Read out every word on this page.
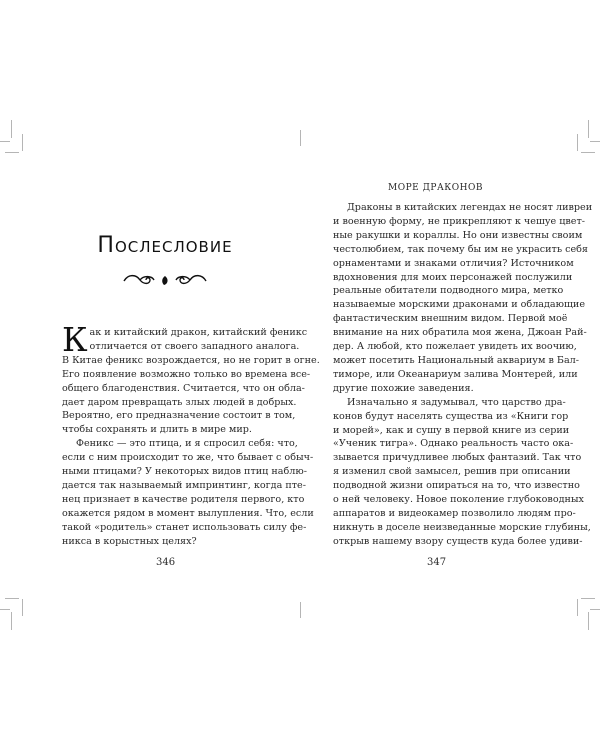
Послесловие

К ак и китайский дракон, китайский феникс
отличается от своего западного аналога.
В Китае феникс возрождается, но не горит в огне.
Его появление возможно только во времена все-
общего благоденствия. Считается, что он обла-
дает даром превращать злых людей в добрых.
Вероятно, его предназначение состоит в том,
чтобы сохранять и длить в мире мир.

Феникс — это птица, и я спросил себя: что,
если с ним происходит то же, что бывает с обыч-
ными птицами? У некоторых видов птиц наблю-
дается так называемый импринтинг, когда пте-
нец признает в качестве родителя первого, кто
окажется рядом в момент вылупления. Что, если
такой «родитель» станет использовать силу фе-
никса в корыстных целях?

346
МОРЕ ДРАКОНОВ

Драконы в китайских легендах не носят ливреи
и военную форму, не прикрепляют к чешуе цвет-
ные ракушки и кораллы. Но они известны своим
честолюбием, так почему бы им не украсить себя
орнаментами и знаками отличия? Источником
вдохновения для моих персонажей послужили
реальные обитатели подводного мира, метко
называемые морскими драконами и обладающие
фантастическим внешним видом. Первой моё
внимание на них обратила моя жена, Джоан Рай-
дер. А любой, кто пожелает увидеть их воочию,
может посетить Национальный аквариум в Бал-
тиморе, или Океанариум залива Монтерей, или
другие похожие заведения.

Изначально я задумывал, что царство дра-
конов будут населять существа из «Книги гор
и морей», как и сушу в первой книге из серии
«Ученик тигра». Однако реальность часто ока-
зывается причудливее любых фантазий. Так что
я изменил свой замысел, решив при описании
подводной жизни опираться на то, что известно
о ней человеку. Новое поколение глубоководных
аппаратов и видеокамер позволило людям про-
никнуть в доселе неизведанные морские глубины,
открыв нашему взору существ куда более удиви-

347
